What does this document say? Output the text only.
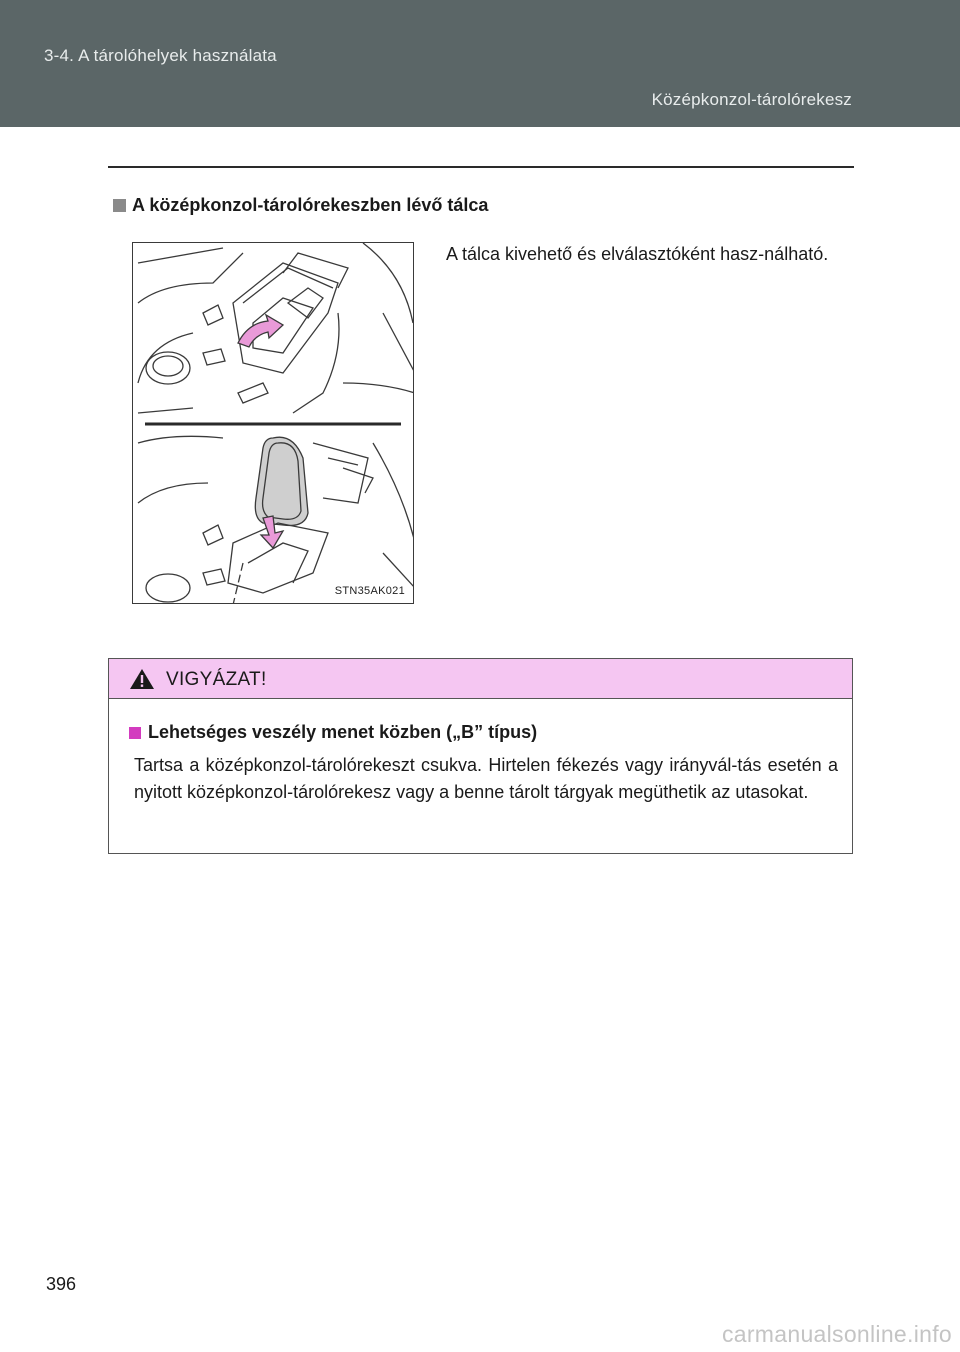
3-4. A tárolóhelyek használata
Középkonzol-tárolórekesz
A középkonzol-tárolórekeszben lévő tálca
STN35AK021
A tálca kivehető és elválasztóként hasz-nálható.
VIGYÁZAT!
Lehetséges veszély menet közben („B” típus)
Tartsa a középkonzol-tárolórekeszt csukva. Hirtelen fékezés vagy irányvál-tás esetén a nyitott középkonzol-tárolórekesz vagy a benne tárolt tárgyak megüthetik az utasokat.
396
carmanualsonline.info
